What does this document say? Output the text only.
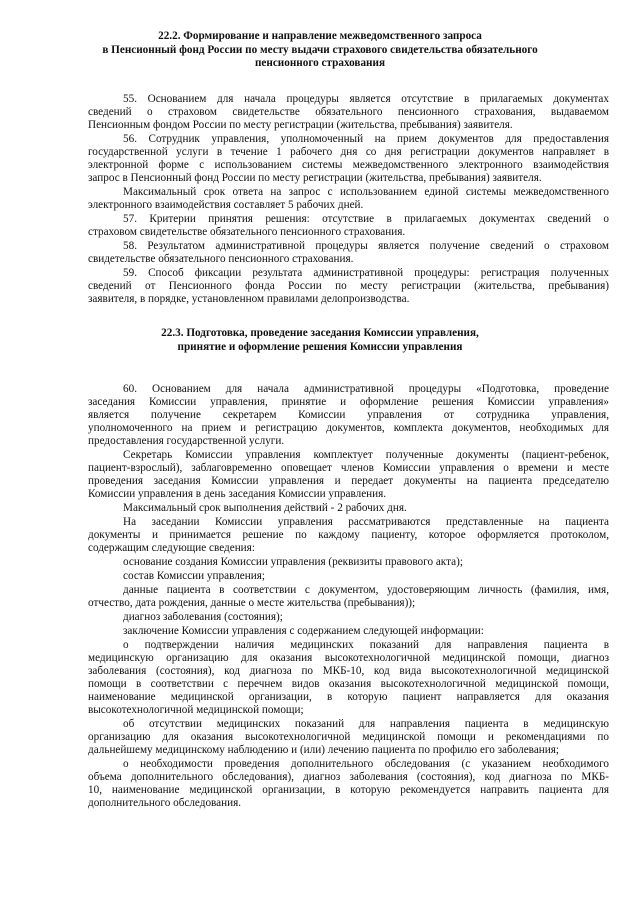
22.2. Формирование и направление межведомственного запроса
в Пенсионный фонд России по месту выдачи страхового свидетельства обязательного
пенсионного страхования
55. Основанием для начала процедуры является отсутствие в прилагаемых документах
сведений о страховом свидетельстве обязательного пенсионного страхования, выдаваемом
Пенсионным фондом России по месту регистрации (жительства, пребывания) заявителя.
56. Сотрудник управления, уполномоченный на прием документов для предоставления
государственной услуги в течение 1 рабочего дня со дня регистрации документов направляет в
электронной форме с использованием системы межведомственного электронного взаимодействия
запрос в Пенсионный фонд России по месту регистрации (жительства, пребывания) заявителя.
Максимальный срок ответа на запрос с использованием единой системы межведомственного
электронного взаимодействия составляет 5 рабочих дней.
57. Критерии принятия решения: отсутствие в прилагаемых документах сведений о
страховом свидетельстве обязательного пенсионного страхования.
58. Результатом административной процедуры является получение сведений о страховом
свидетельстве обязательного пенсионного страхования.
59. Способ фиксации результата административной процедуры: регистрация полученных
сведений от Пенсионного фонда России по месту регистрации (жительства, пребывания)
заявителя, в порядке, установленном правилами делопроизводства.
22.3. Подготовка, проведение заседания Комиссии управления,
принятие и оформление решения Комиссии управления
60. Основанием для начала административной процедуры «Подготовка, проведение
заседания Комиссии управления, принятие и оформление решения Комиссии управления»
является получение секретарем Комиссии управления от сотрудника управления,
уполномоченного на прием и регистрацию документов, комплекта документов, необходимых для
предоставления государственной услуги.
Секретарь Комиссии управления комплектует полученные документы (пациент-ребенок,
пациент-взрослый), заблаговременно оповещает членов Комиссии управления о времени и месте
проведения заседания Комиссии управления и передает документы на пациента председателю
Комиссии управления в день заседания Комиссии управления.
Максимальный срок выполнения действий - 2 рабочих дня.
На заседании Комиссии управления рассматриваются представленные на пациента
документы и принимается решение по каждому пациенту, которое оформляется протоколом,
содержащим следующие сведения:
основание создания Комиссии управления (реквизиты правового акта);
состав Комиссии управления;
данные пациента в соответствии с документом, удостоверяющим личность (фамилия, имя,
отчество, дата рождения, данные о месте жительства (пребывания));
диагноз заболевания (состояния);
заключение Комиссии управления с содержанием следующей информации:
о подтверждении наличия медицинских показаний для направления пациента в
медицинскую организацию для оказания высокотехнологичной медицинской помощи, диагноз
заболевания (состояния), код диагноза по МКБ-10, код вида высокотехнологичной медицинской
помощи в соответствии с перечнем видов оказания высокотехнологичной медицинской помощи,
наименование медицинской организации, в которую пациент направляется для оказания
высокотехнологичной медицинской помощи;
об отсутствии медицинских показаний для направления пациента в медицинскую
организацию для оказания высокотехнологичной медицинской помощи и рекомендациями по
дальнейшему медицинскому наблюдению и (или) лечению пациента по профилю его заболевания;
о необходимости проведения дополнительного обследования (с указанием необходимого
объема дополнительного обследования), диагноз заболевания (состояния), код диагноза по МКБ-
10, наименование медицинской организации, в которую рекомендуется направить пациента для
дополнительного обследования.
